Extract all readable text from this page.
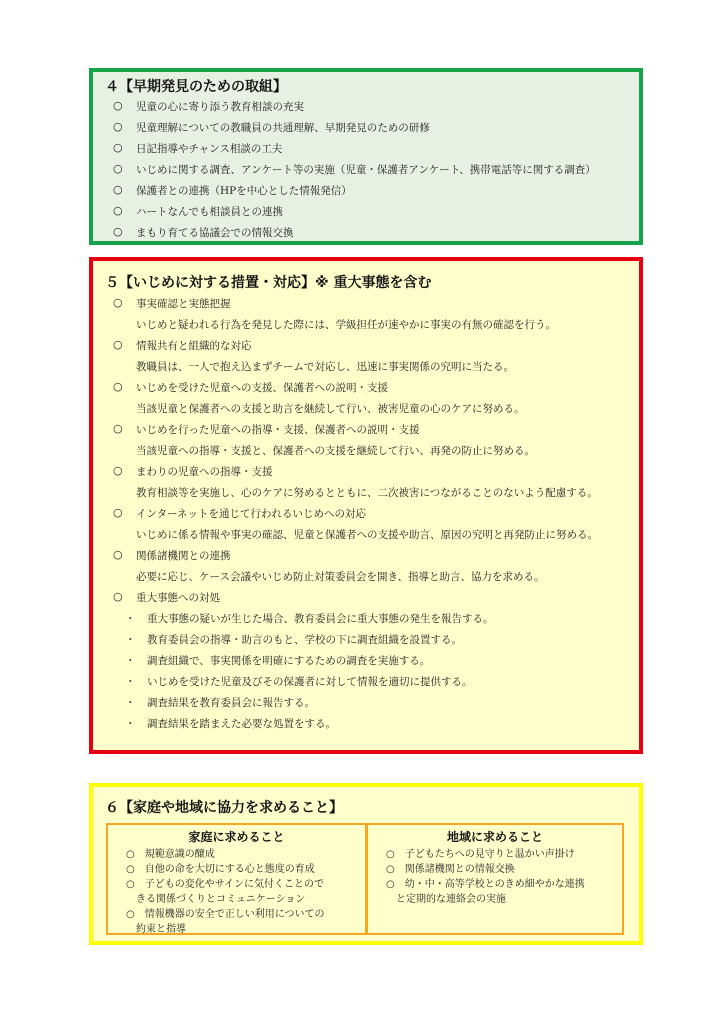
４【早期発見のための取組】
○ 児童の心に寄り添う教育相談の充実
○ 児童理解についての教職員の共通理解、早期発見のための研修
○ 日記指導やチャンス相談の工夫
○ いじめに関する調査、アンケート等の実施（児童・保護者アンケート、携帯電話等に関する調査）
○ 保護者との連携（HPを中心とした情報発信）
○ ハートなんでも相談員との連携
○ まもり育てる協議会での情報交換
５【いじめに対する措置・対応】※ 重大事態を含む
○ 事実確認と実態把握
いじめと疑われる行為を発見した際には、学級担任が速やかに事実の有無の確認を行う。
○ 情報共有と組織的な対応
教職員は、一人で抱え込まずチームで対応し、迅速に事実関係の究明に当たる。
○ いじめを受けた児童への支援、保護者への説明・支援
当該児童と保護者への支援と助言を継続して行い、被害児童の心のケアに努める。
○ いじめを行った児童への指導・支援、保護者への説明・支援
当該児童への指導・支援と、保護者への支援を継続して行い、再発の防止に努める。
○ まわりの児童への指導・支援
教育相談等を実施し、心のケアに努めるとともに、二次被害につながることのないよう配慮する。
○ インターネットを通じて行われるいじめへの対応
いじめに係る情報や事実の確認、児童と保護者への支援や助言、原因の究明と再発防止に努める。
○ 関係諸機関との連携
必要に応じ、ケース会議やいじめ防止対策委員会を開き、指導と助言、協力を求める。
○ 重大事態への対処
・ 重大事態の疑いが生じた場合、教育委員会に重大事態の発生を報告する。
・ 教育委員会の指導・助言のもと、学校の下に調査組織を設置する。
・ 調査組織で、事実関係を明確にするための調査を実施する。
・ いじめを受けた児童及びその保護者に対して情報を適切に提供する。
・ 調査結果を教育委員会に報告する。
・ 調査結果を踏まえた必要な処置をする。
６【家庭や地域に協力を求めること】
家庭に求めること
○　規範意識の醸成
○　自他の命を大切にする心と態度の育成
○　子どもの変化やサインに気付くことので
　きる関係づくりとコミュニケーション
○　情報機器の安全で正しい利用についての
　約束と指導
地域に求めること
○　子どもたちへの見守りと温かい声掛け
○　関係諸機関との情報交換
○　幼・中・高等学校とのきめ細やかな連携
　と定期的な連絡会の実施
